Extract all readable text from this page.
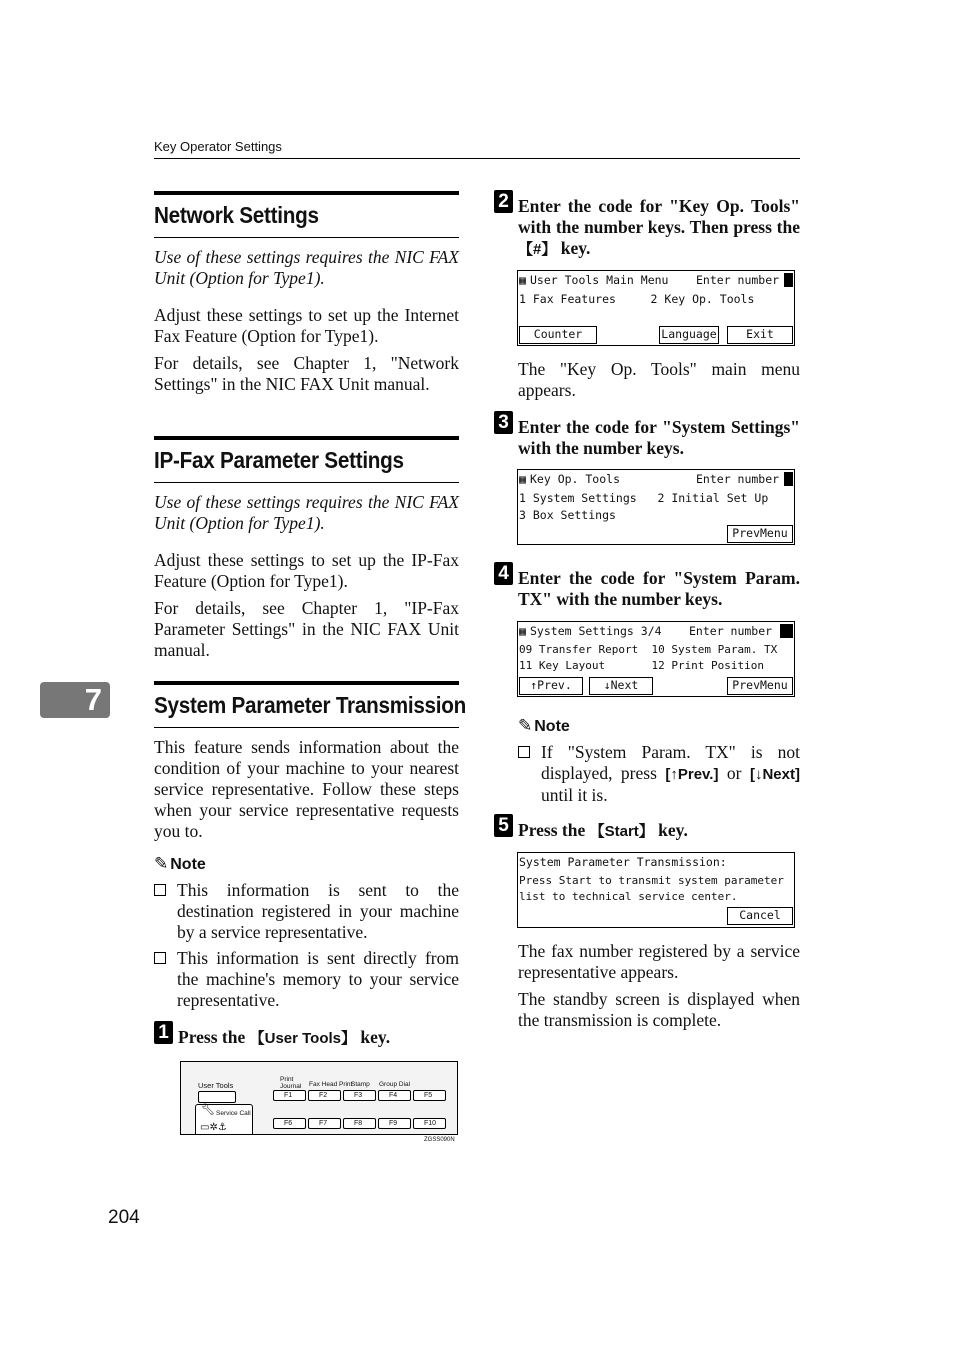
Key Operator Settings
7
Network Settings
Use of these settings requires the NIC FAX Unit (Option for Type1).
Adjust these settings to set up the Internet Fax Feature (Option for Type1).
For details, see Chapter 1, "Network Settings" in the NIC FAX Unit manual.
IP-Fax Parameter Settings
Use of these settings requires the NIC FAX Unit (Option for Type1).
Adjust these settings to set up the IP-Fax Feature (Option for Type1).
For details, see Chapter 1, "IP-Fax Parameter Settings" in the NIC FAX Unit manual.
System Parameter Transmission
This feature sends information about the condition of your machine to your nearest service representative. Follow these steps when your service representative requests you to.
✎ Note
This information is sent to the destination registered in your machine by a service representative.
This information is sent directly from the machine's memory to your service representative.
1 Press the 【User Tools】 key.
User Tools
Print Journal	Fax Head Print
Stamp Group Dial
F1	F2	F3	F4	F5
🔧︎ Service Call
▭✲⚓︎	F6	F7	F8	F9	F10
ZGSS090N
2 Enter the code for "Key Op. Tools" with the number keys. Then press the 【#】 key.
▦ User Tools Main Menu Enter number
1 Fax Features     2 Key Op. Tools
Counter	Language	Exit
The "Key Op. Tools" main menu appears.
3 Enter the code for "System Settings" with the number keys.
▦ Key Op. Tools	Enter number
1 System Settings   2 Initial Set Up
3 Box Settings
PrevMenu
4 Enter the code for "System Param. TX" with the number keys.
▦ System Settings 3/4 Enter number
09 Transfer Report  10 System Param. TX
11 Key Layout       12 Print Position
↑Prev.	↓Next	PrevMenu
✎ Note
If "System Param. TX" is not displayed, press [↑Prev.] or [↓Next] until it is.
5 Press the 【Start】 key.
System Parameter Transmission:
Press Start to transmit system parameter
list to technical service center.
Cancel
The fax number registered by a service representative appears.
The standby screen is displayed when the transmission is complete.
204
